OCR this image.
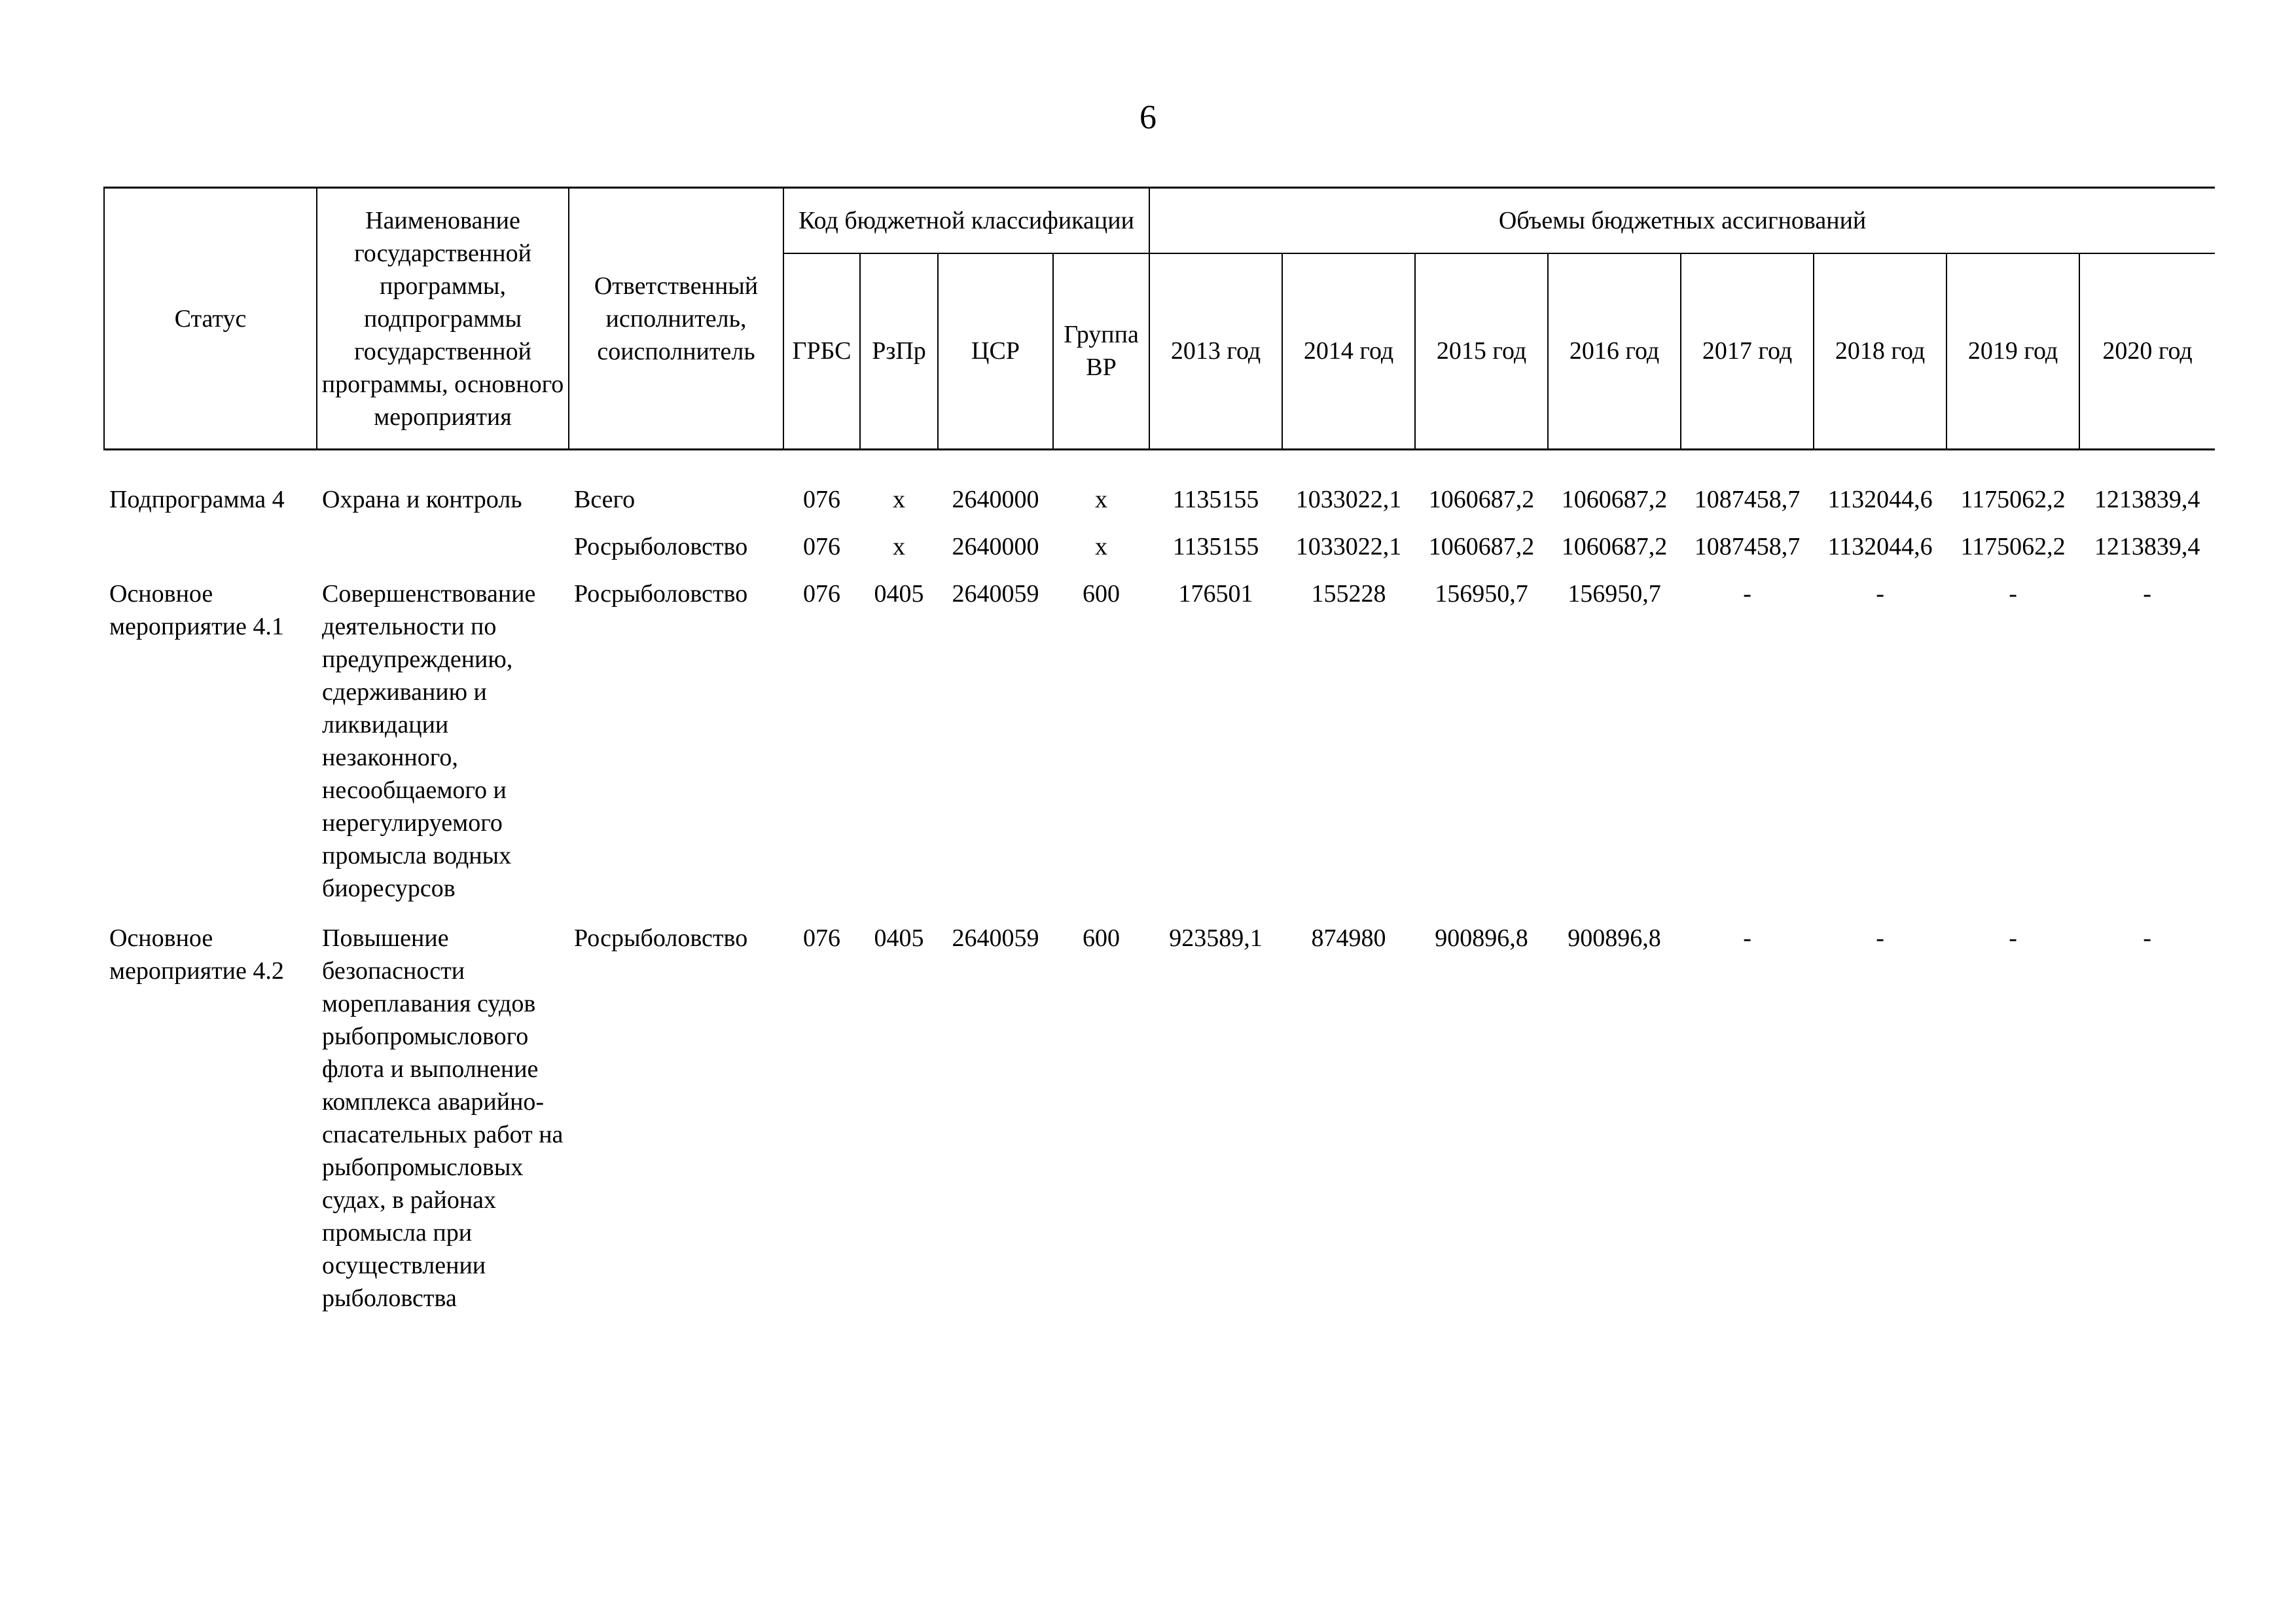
6
Статус	Наименование государственной программы, подпрограммы государственной программы, основного мероприятия	Ответственный исполнитель, соисполнитель	Код бюджетной классификации				Объемы бюджетных ассигнований							
			ГРБС	РзПр	ЦСР	Группа ВР	2013 год	2014 год	2015 год	2016 год	2017 год	2018 год	2019 год	2020 год

Подпрограмма 4	Охрана и контроль	Всего	076	х	2640000	х	1135155	1033022,1	1060687,2	1060687,2	1087458,7	1132044,6	1175062,2	1213839,4
		Росрыболовство	076	х	2640000	х	1135155	1033022,1	1060687,2	1060687,2	1087458,7	1132044,6	1175062,2	1213839,4
Основное мероприятие 4.1	Совершенствование деятельности по предупреждению, сдерживанию и ликвидации незаконного, несообщаемого и нерегулируемого промысла водных биоресурсов	Росрыболовство	076	0405	2640059	600	176501	155228	156950,7	156950,7	-	-	-	-
Основное мероприятие 4.2	Повышение безопасности мореплавания судов рыбопромыслового флота и выполнение комплекса аварийно-спасательных работ на рыбопромысловых судах, в районах промысла при осуществлении рыболовства	Росрыболовство	076	0405	2640059	600	923589,1	874980	900896,8	900896,8	-	-	-	-
